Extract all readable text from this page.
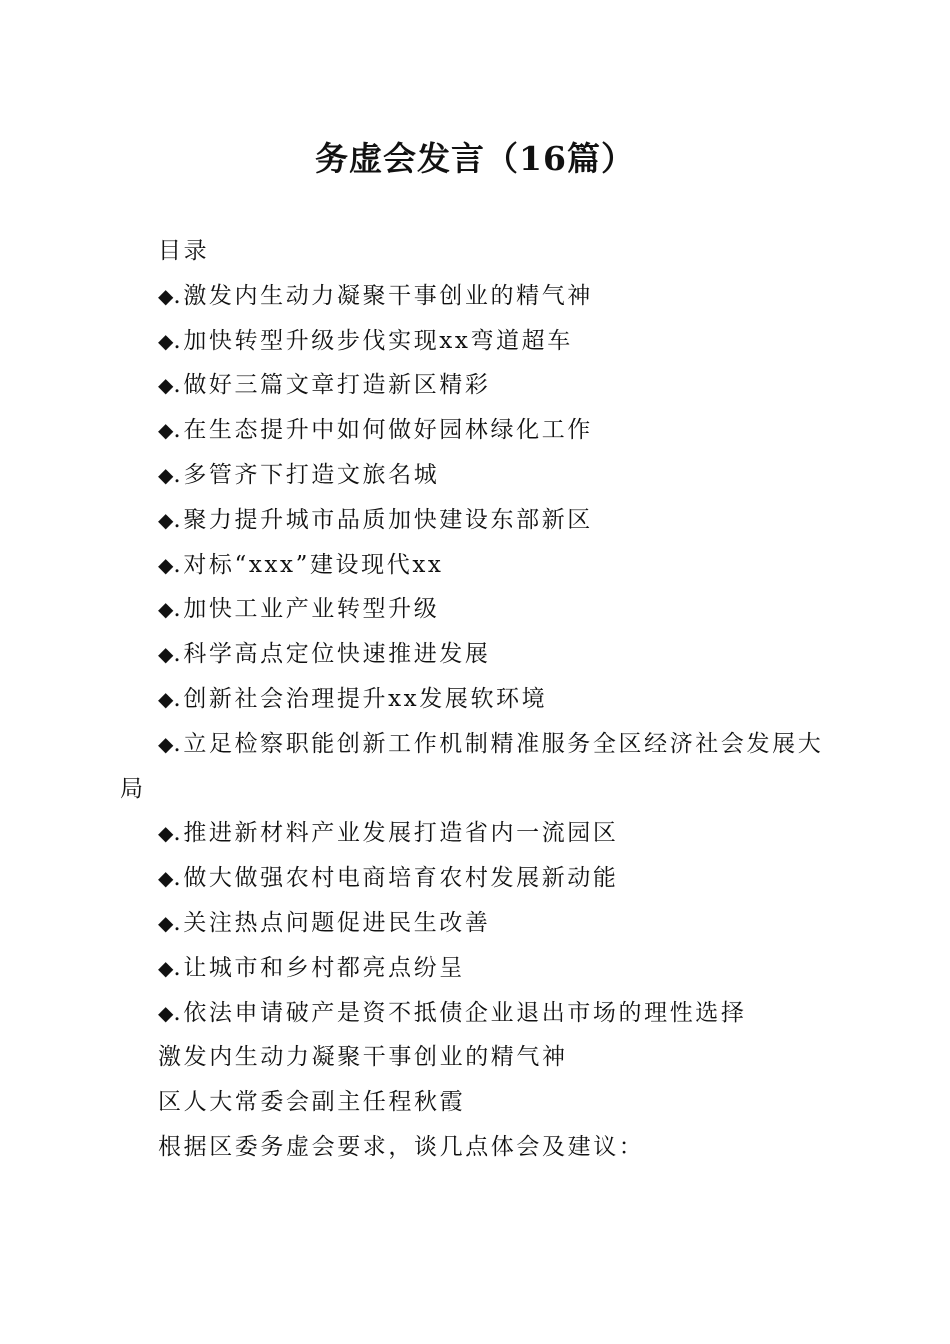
务虚会发言（16篇）

目录

◆.激发内生动力凝聚干事创业的精气神

◆.加快转型升级步伐实现xx弯道超车

◆.做好三篇文章打造新区精彩

◆.在生态提升中如何做好园林绿化工作

◆.多管齐下打造文旅名城

◆.聚力提升城市品质加快建设东部新区

◆.对标“xxx”建设现代xx

◆.加快工业产业转型升级

◆.科学高点定位快速推进发展

◆.创新社会治理提升xx发展软环境

◆.立足检察职能创新工作机制精准服务全区经济社会发展大局

◆.推进新材料产业发展打造省内一流园区

◆.做大做强农村电商培育农村发展新动能

◆.关注热点问题促进民生改善

◆.让城市和乡村都亮点纷呈

◆.依法申请破产是资不抵债企业退出市场的理性选择

激发内生动力凝聚干事创业的精气神

区人大常委会副主任程秋霞

根据区委务虚会要求，谈几点体会及建议：
